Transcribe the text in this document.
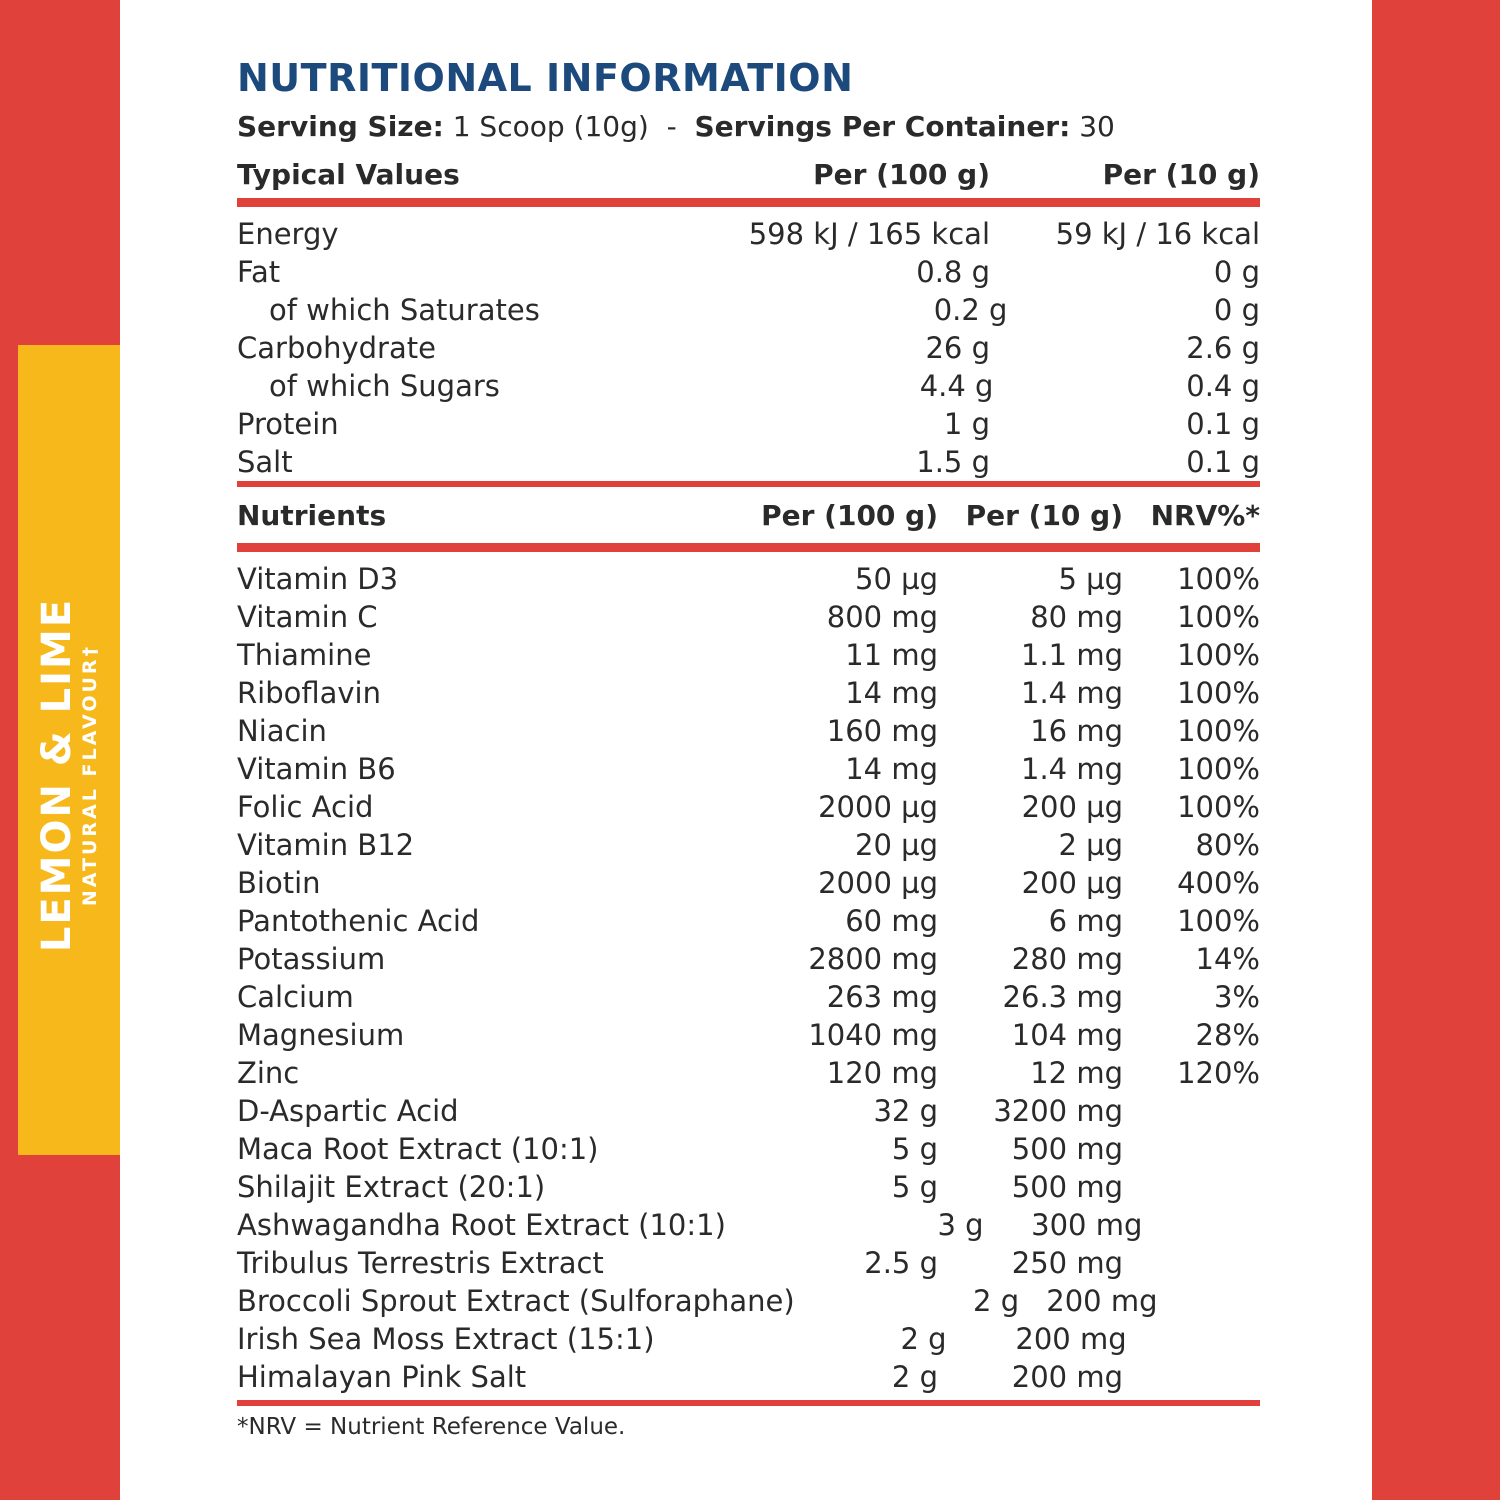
LEMON & LIME NATURAL FLAVOUR†
NUTRITIONAL INFORMATION
Serving Size: 1 Scoop (10g) - Servings Per Container: 30
Typical Values	Per (100 g)	Per (10 g)
Energy	598 kJ / 165 kcal	59 kJ / 16 kcal
Fat	0.8 g	0 g
of which Saturates	0.2 g	0 g
Carbohydrate	26 g	2.6 g
of which Sugars	4.4 g	0.4 g
Protein	1 g	0.1 g
Salt	1.5 g	0.1 g
Nutrients	Per (100 g) Per (10 g) NRV%*
Vitamin D3	50 µg	5 µg	100%
Vitamin C	800 mg	80 mg	100%
Thiamine	11 mg	1.1 mg	100%
Riboflavin	14 mg	1.4 mg	100%
Niacin	160 mg	16 mg	100%
Vitamin B6	14 mg	1.4 mg	100%
Folic Acid	2000 µg	200 µg	100%
Vitamin B12	20 µg	2 µg	80%
Biotin	2000 µg	200 µg	400%
Pantothenic Acid	60 mg	6 mg	100%
Potassium	2800 mg	280 mg	14%
Calcium	263 mg	26.3 mg	3%
Magnesium	1040 mg	104 mg	28%
Zinc	120 mg	12 mg	120%
D-Aspartic Acid	32 g	3200 mg
Maca Root Extract (10:1)	5 g	500 mg
Shilajit Extract (20:1)	5 g	500 mg
Ashwagandha Root Extract (10:1)	3 g	300 mg
Tribulus Terrestris Extract	2.5 g	250 mg
Broccoli Sprout Extract (Sulforaphane)	2 g 200 mg
Irish Sea Moss Extract (15:1)	2 g	200 mg
Himalayan Pink Salt	2 g	200 mg
*NRV = Nutrient Reference Value.
